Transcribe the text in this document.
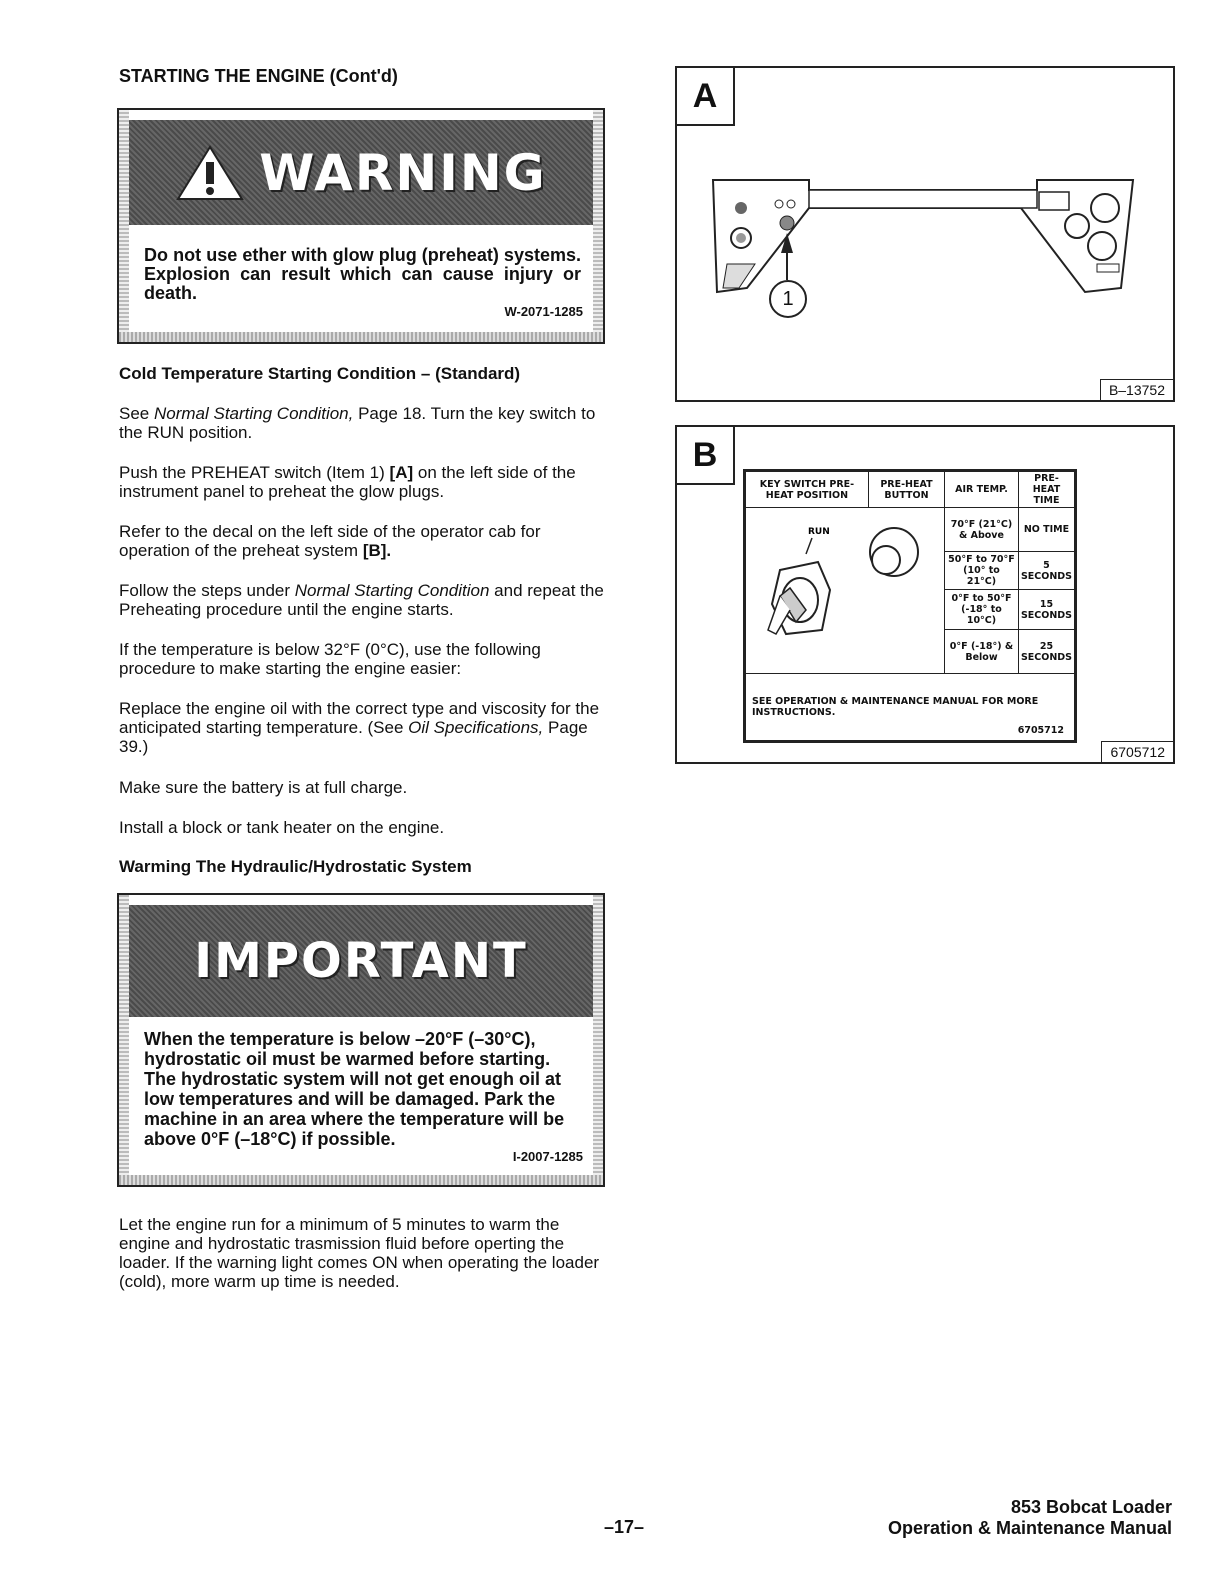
STARTING THE ENGINE (Cont'd)
WARNING
Do not use ether with glow plug (preheat) systems. Explosion can result which can cause injury or death.
W-2071-1285
Cold Temperature Starting Condition – (Standard)
See Normal Starting Condition, Page 18. Turn the key switch to the RUN position.
Push the PREHEAT switch (Item 1) [A] on the left side of the instrument panel to preheat the glow plugs.
Refer to the decal on the left side of the operator cab for operation of the preheat system [B].
Follow the steps under Normal Starting Condition and repeat the Preheating procedure until the engine starts.
If the temperature is below 32°F (0°C), use the following procedure to make starting the engine easier:
Replace the engine oil with the correct type and viscosity for the anticipated starting temperature. (See Oil Specifications, Page 39.)
Make sure the battery is at full charge.
Install a block or tank heater on the engine.
Warming The Hydraulic/Hydrostatic System
IMPORTANT
When the temperature is below –20°F (–30°C), hydrostatic oil must be warmed before starting. The hydrostatic system will not get enough oil at low temperatures and will be damaged. Park the machine in an area where the temperature will be above 0°F (–18°C) if possible.
I-2007-1285
Let the engine run for a minimum of 5 minutes to warm the engine and hydrostatic trasmission fluid before operting the loader. If the warning light comes ON when operating the loader (cold), more warm up time is needed.
A
1
B–13752
B
KEY SWITCH PRE-HEAT POSITION	PRE-HEAT BUTTON	AIR TEMP.	PRE-HEAT TIME

RUN		70°F (21°C) & Above	NO TIME
		50°F to 70°F (10° to 21°C)	5 SECONDS
		0°F to 50°F (-18° to 10°C)	15 SECONDS
		0°F (-18°) & Below	25 SECONDS
SEE OPERATION & MAINTENANCE MANUAL FOR MORE INSTRUCTIONS.
6705712			
6705712
–17–
853 Bobcat Loader
Operation & Maintenance Manual
